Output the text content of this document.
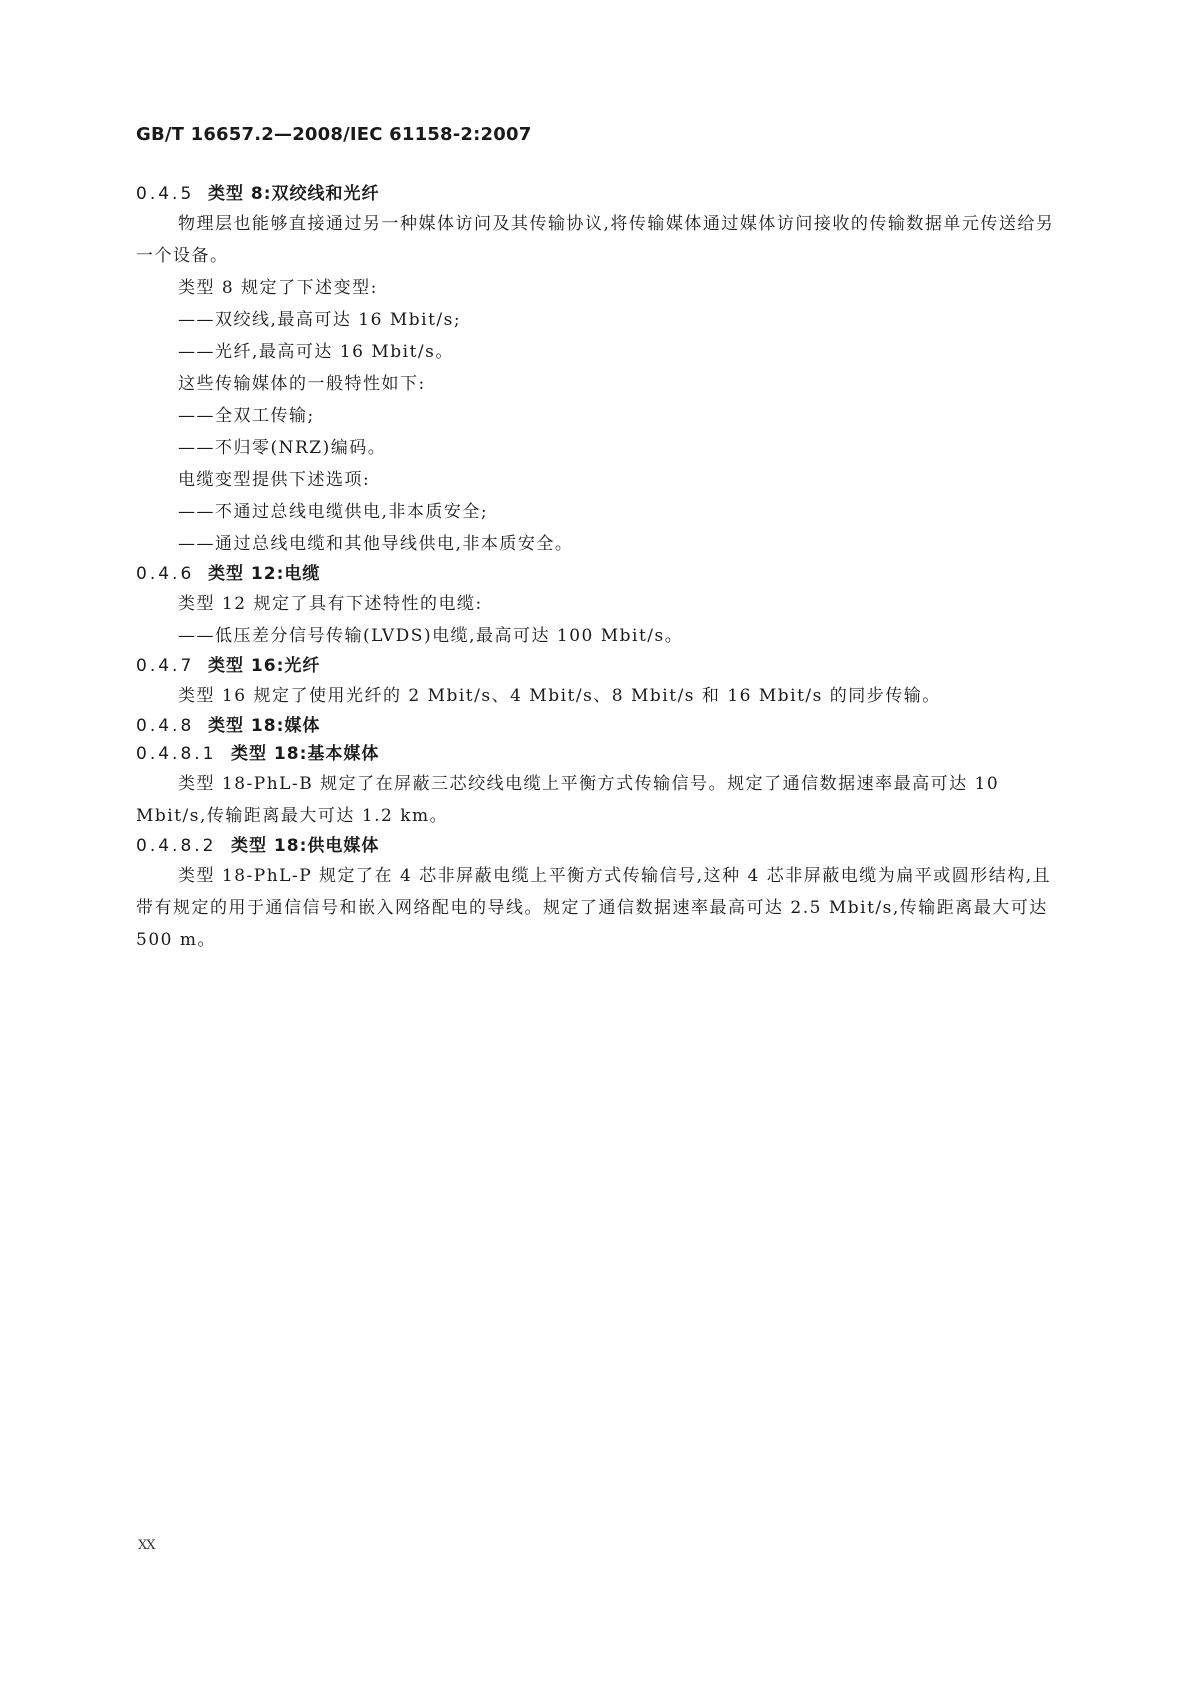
GB/T 16657.2—2008/IEC 61158-2:2007
0.4.5 类型 8:双绞线和光纤

物理层也能够直接通过另一种媒体访问及其传输协议,将传输媒体通过媒体访问接收的传输数据单元传送给另一个设备。

类型 8 规定了下述变型:

——双绞线,最高可达 16 Mbit/s;

——光纤,最高可达 16 Mbit/s。

这些传输媒体的一般特性如下:

——全双工传输;

——不归零(NRZ)编码。

电缆变型提供下述选项:

——不通过总线电缆供电,非本质安全;

——通过总线电缆和其他导线供电,非本质安全。

0.4.6 类型 12:电缆

类型 12 规定了具有下述特性的电缆:

——低压差分信号传输(LVDS)电缆,最高可达 100 Mbit/s。

0.4.7 类型 16:光纤

类型 16 规定了使用光纤的 2 Mbit/s、4 Mbit/s、8 Mbit/s 和 16 Mbit/s 的同步传输。

0.4.8 类型 18:媒体
0.4.8.1 类型 18:基本媒体

类型 18-PhL-B 规定了在屏蔽三芯绞线电缆上平衡方式传输信号。规定了通信数据速率最高可达 10 Mbit/s,传输距离最大可达 1.2 km。

0.4.8.2 类型 18:供电媒体

类型 18-PhL-P 规定了在 4 芯非屏蔽电缆上平衡方式传输信号,这种 4 芯非屏蔽电缆为扁平或圆形结构,且带有规定的用于通信信号和嵌入网络配电的导线。规定了通信数据速率最高可达 2.5 Mbit/s,传输距离最大可达 500 m。

XX
